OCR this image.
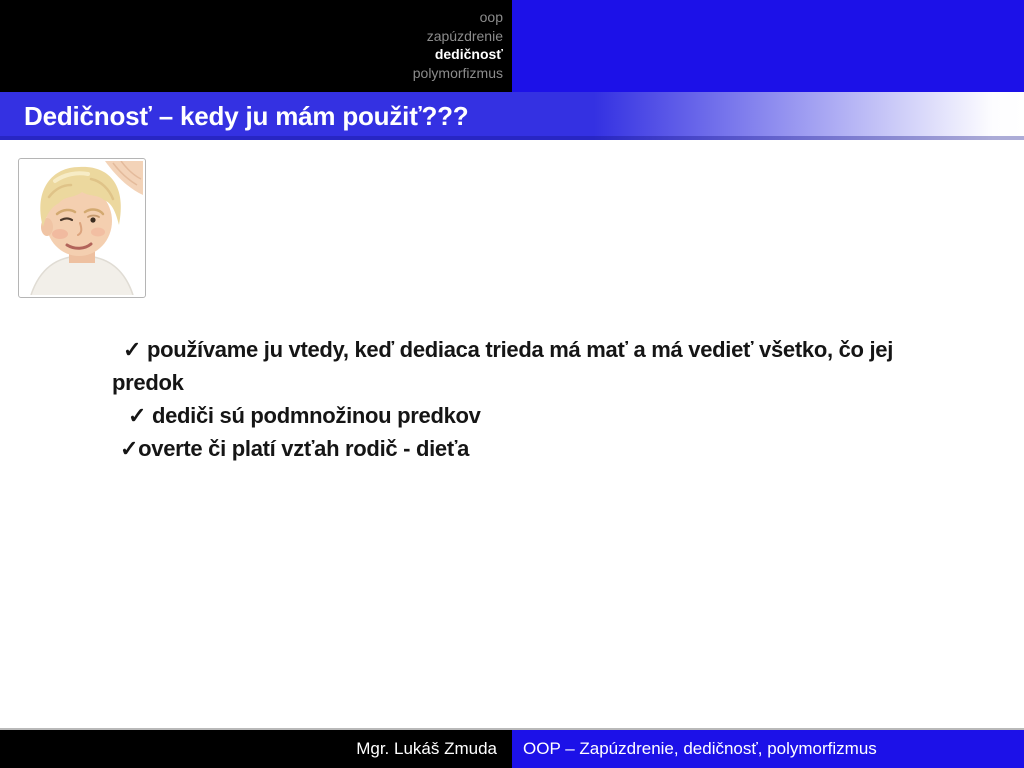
oop
zapúzdrenie
dedičnosť
polymorfizmus
Dedičnosť – kedy ju mám použiť???

✓ používame ju vtedy, keď dediaca trieda má mať a má vedieť všetko, čo jej predok

✓ dediči sú podmnožinou predkov

✓overte či platí vzťah rodič - dieťa

Mgr. Lukáš Zmuda OOP – Zapúzdrenie, dedičnosť, polymorfizmus
